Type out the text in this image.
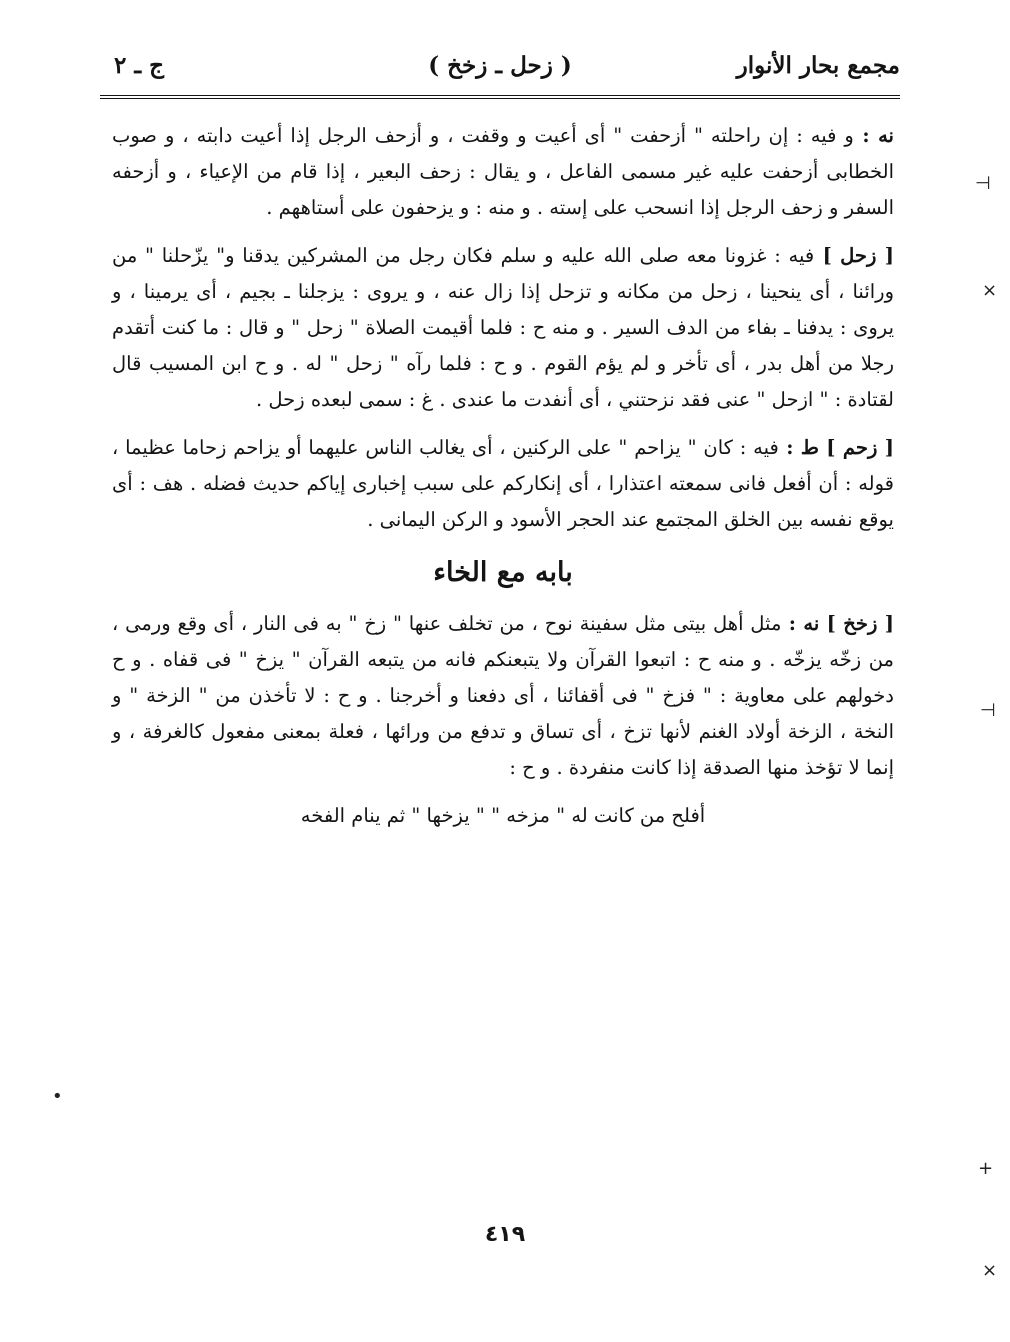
مجمع بحار الأنوار
( زحل ـ زخخ )
ج ـ ٢

نه : و فيه : إن راحلته " أزحفت " أى أعيت و وقفت ، و أزحف الرجل إذا أعيت دابته ، و صوب الخطابى أزحفت عليه غير مسمى الفاعل ، و يقال : زحف البعير ، إذا قام من الإعياء ، و أزحفه السفر و زحف الرجل إذا انسحب على إسته . و منه : و يزحفون على أستاههم .

[ زحل ] فيه : غزونا معه صلى الله عليه و سلم فكان رجل من المشركين يدقنا و" يزّحلنا " من ورائنا ، أى ينحينا ، زحل من مكانه و تزحل إذا زال عنه ، و يروى : يزجلنا ـ بجيم ، أى يرمينا ، و يروى : يدفنا ـ بفاء من الدف السير . و منه ح : فلما أقيمت الصلاة " زحل " و قال : ما كنت أتقدم رجلا من أهل بدر ، أى تأخر و لم يؤم القوم . و ح : فلما رآه " زحل " له . و ح ابن المسيب قال لقتادة : " ازحل " عنى فقد نزحتني ، أى أنفدت ما عندى . غ : سمى لبعده زحل .

[ زحم ] ط : فيه : كان " يزاحم " على الركنين ، أى يغالب الناس عليهما أو يزاحم زحاما عظيما ، قوله : أن أفعل فانى سمعته اعتذارا ، أى إنكاركم على سبب إخبارى إياكم حديث فضله . هف : أى يوقع نفسه بين الخلق المجتمع عند الحجر الأسود و الركن اليمانى .

بابه مع الخاء

[ زخخ ] نه : مثل أهل بيتى مثل سفينة نوح ، من تخلف عنها " زخ " به فى النار ، أى وقع ورمى ، من زخّه يزخّه . و منه ح : اتبعوا القرآن ولا يتبعنكم فانه من يتبعه القرآن " يزخ " فى قفاه . و ح دخولهم على معاوية : " فزخ " فى أقفائنا ، أى دفعنا و أخرجنا . و ح : لا تأخذن من " الزخة " و النخة ، الزخة أولاد الغنم لأنها تزخ ، أى تساق و تدفع من ورائها ، فعلة بمعنى مفعول كالغرفة ، و إنما لا تؤخذ منها الصدقة إذا كانت منفردة . و ح :

أفلح من كانت له " مزخه " " يزخها " ثم ينام الفخه
٤١٩
⊣
×
⊣
•
+
×
